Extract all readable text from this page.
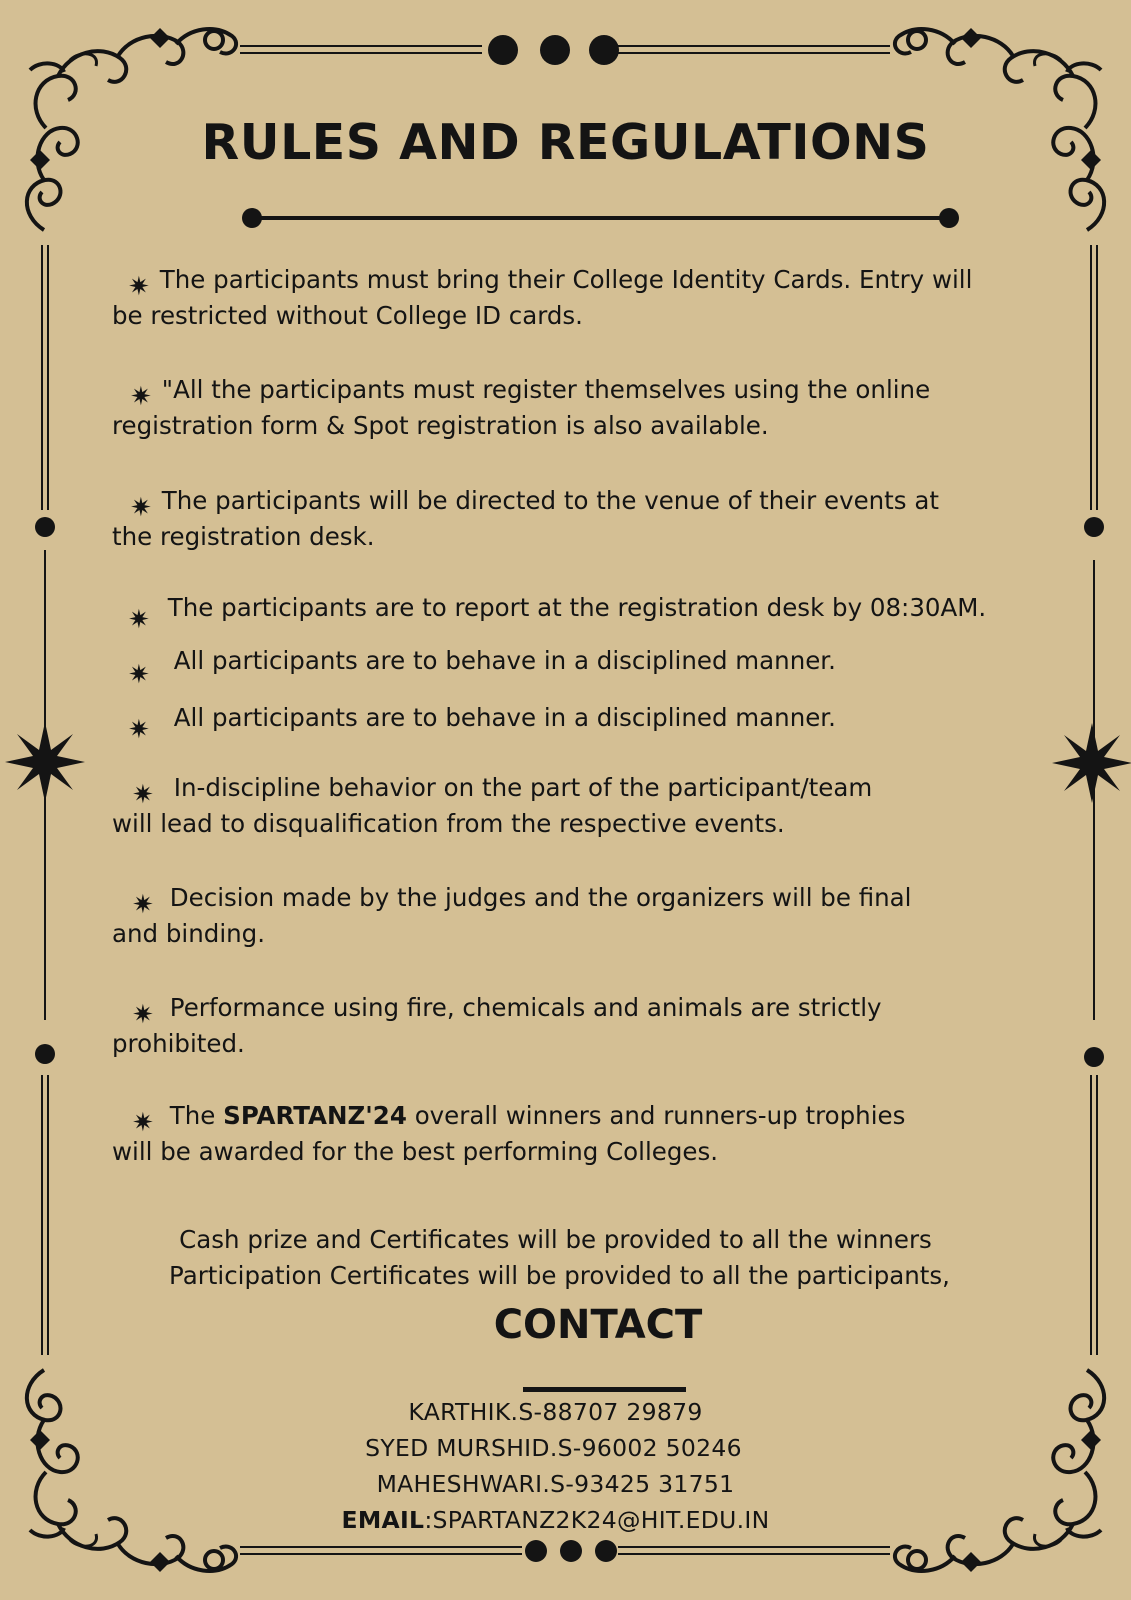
RULES AND REGULATIONS
✷ The participants must bring their College Identity Cards. Entry will
be restricted without College ID cards.
✷ "All the participants must register themselves using the online
registration form & Spot registration is also available.
✷ The participants will be directed to the venue of their events at
the registration desk.
✷ The participants are to report at the registration desk by 08:30AM.
✷ All participants are to behave in a disciplined manner.
✷ All participants are to behave in a disciplined manner.
✷ In-discipline behavior on the part of the participant/team
will lead to disqualification from the respective events.
✷ Decision made by the judges and the organizers will be final
and binding.
✷ Performance using fire, chemicals and animals are strictly
prohibited.
✷ The SPARTANZ'24 overall winners and runners-up trophies
will be awarded for the best performing Colleges.
Cash prize and Certificates will be provided to all the winners
Participation Certificates will be provided to all the participants,
CONTACT
KARTHIK.S-88707 29879
SYED MURSHID.S-96002 50246
MAHESHWARI.S-93425 31751
EMAIL:SPARTANZ2K24@HIT.EDU.IN
